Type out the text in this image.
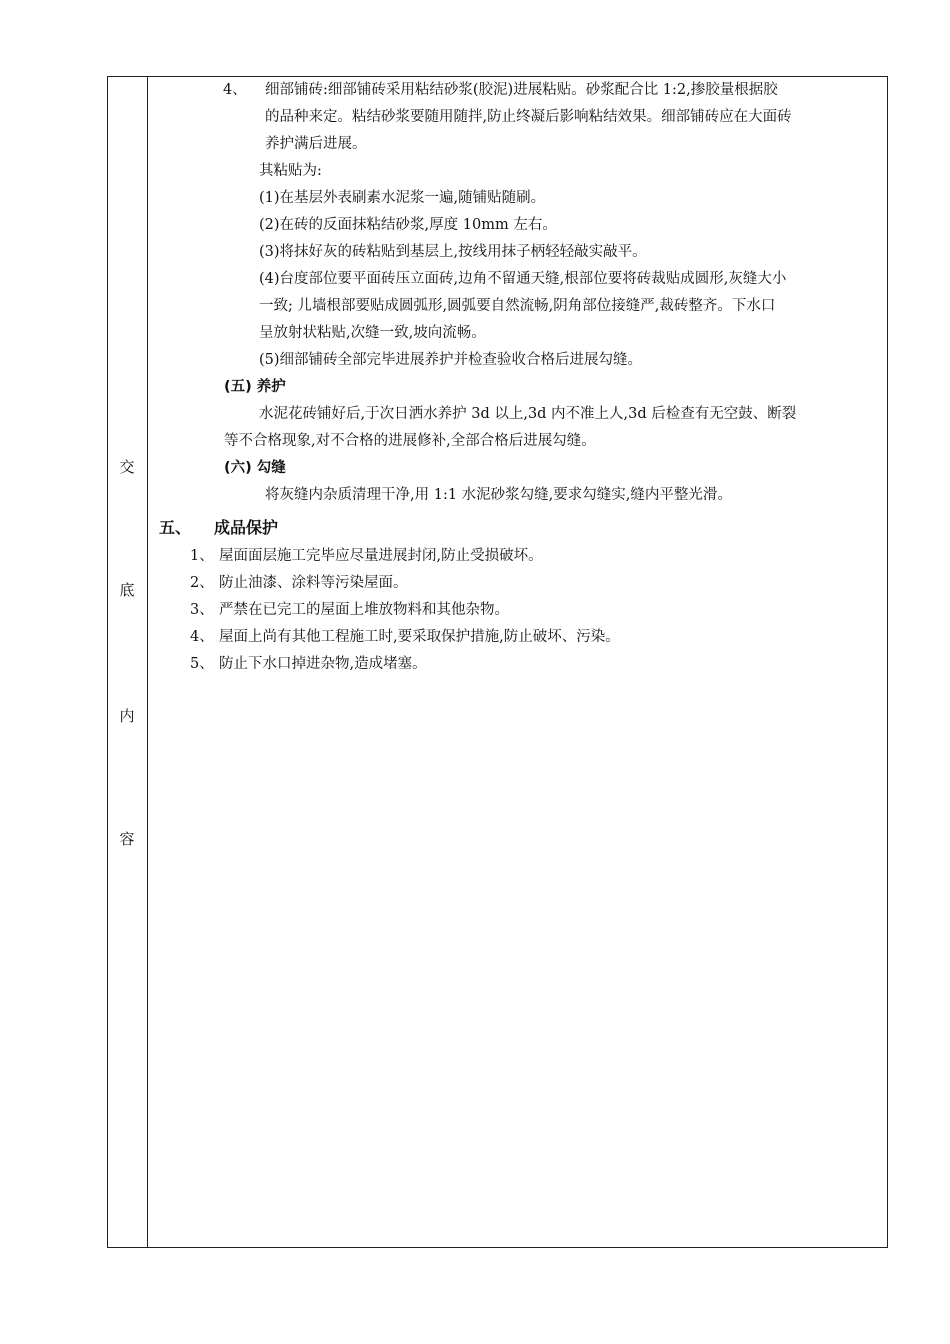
交
底
内
容
4、 细部铺砖:细部铺砖采用粘结砂浆(胶泥)进展粘贴。砂浆配合比 1:2,掺胶量根据胶
的品种来定。粘结砂浆要随用随拌,防止终凝后影响粘结效果。细部铺砖应在大面砖
养护满后进展。
其粘贴为:
(1)在基层外表刷素水泥浆一遍,随铺贴随刷。
(2)在砖的反面抹粘结砂浆,厚度 10mm 左右。
(3)将抹好灰的砖粘贴到基层上,按线用抹子柄轻轻敲实敲平。
(4)台度部位要平面砖压立面砖,边角不留通天缝,根部位要将砖裁贴成圆形,灰缝大小
一致; 儿墙根部要贴成圆弧形,圆弧要自然流畅,阴角部位接缝严,裁砖整齐。下水口
呈放射状粘贴,次缝一致,坡向流畅。
(5)细部铺砖全部完毕进展养护并检查验收合格后进展勾缝。
(五) 养护
水泥花砖铺好后,于次日洒水养护 3d 以上,3d 内不准上人,3d 后检查有无空鼓、断裂
等不合格现象,对不合格的进展修补,全部合格后进展勾缝。
(六) 勾缝
将灰缝内杂质清理干净,用 1:1 水泥砂浆勾缝,要求勾缝实,缝内平整光滑。
五、 成品保护
1、 屋面面层施工完毕应尽量进展封闭,防止受损破坏。
2、 防止油漆、涂料等污染屋面。
3、 严禁在已完工的屋面上堆放物料和其他杂物。
4、 屋面上尚有其他工程施工时,要采取保护措施,防止破坏、污染。
5、 防止下水口掉进杂物,造成堵塞。
